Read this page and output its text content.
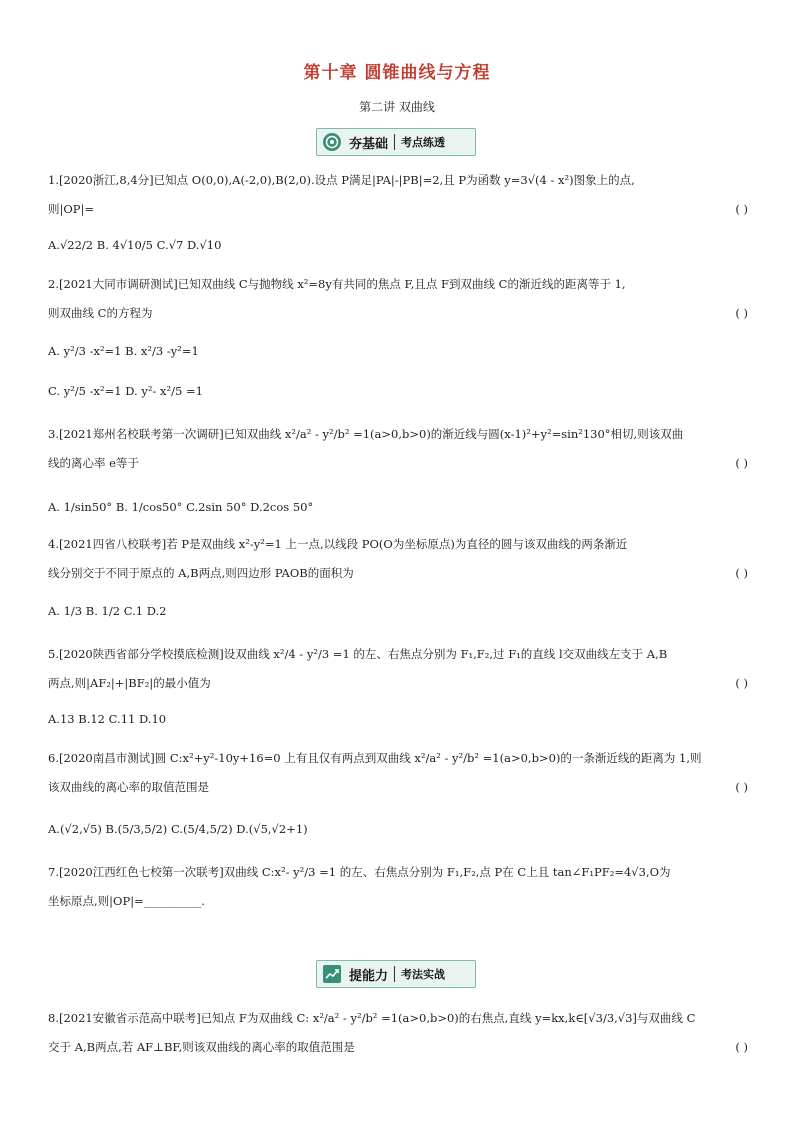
第十章 圆锥曲线与方程
第二讲 双曲线
夯基础 考点练透
1.[2020浙江,8,4分]已知点 O(0,0),A(-2,0),B(2,0).设点 P满足|PA|-|PB|=2,且 P为函数 y=3√(4 - x²)图象上的点,
则|OP|=	( )
A.√22/2 B. 4√10/5 C.√7 D.√10
2.[2021大同市调研测试]已知双曲线 C与抛物线 x²=8y有共同的焦点 F,且点 F到双曲线 C的渐近线的距离等于 1,
则双曲线 C的方程为	( )
A. y²/3 -x²=1 B. x²/3 -y²=1
C. y²/5 -x²=1 D. y²- x²/5 =1
3.[2021郑州名校联考第一次调研]已知双曲线 x²/a² - y²/b² =1(a>0,b>0)的渐近线与圆(x-1)²+y²=sin²130°相切,则该双曲
线的离心率 e等于	( )
A. 1/sin50° B. 1/cos50° C.2sin 50° D.2cos 50°
4.[2021四省八校联考]若 P是双曲线 x²-y²=1 上一点,以线段 PO(O为坐标原点)为直径的圆与该双曲线的两条渐近
线分别交于不同于原点的 A,B两点,则四边形 PAOB的面积为	( )
A. 1/3 B. 1/2 C.1 D.2
5.[2020陕西省部分学校摸底检测]设双曲线 x²/4 - y²/3 =1 的左、右焦点分别为 F₁,F₂,过 F₁的直线 l交双曲线左支于 A,B
两点,则|AF₂|+|BF₂|的最小值为	( )
A.13 B.12 C.11 D.10
6.[2020南昌市测试]圆 C:x²+y²-10y+16=0 上有且仅有两点到双曲线 x²/a² - y²/b² =1(a>0,b>0)的一条渐近线的距离为 1,则
该双曲线的离心率的取值范围是	( )
A.(√2,√5) B.(5/3,5/2) C.(5/4,5/2) D.(√5,√2+1)
7.[2020江西红色七校第一次联考]双曲线 C:x²- y²/3 =1 的左、右焦点分别为 F₁,F₂,点 P在 C上且 tan∠F₁PF₂=4√3,O为
坐标原点,则|OP|=__________.
提能力 考法实战
8.[2021安徽省示范高中联考]已知点 F为双曲线 C: x²/a² - y²/b² =1(a>0,b>0)的右焦点,直线 y=kx,k∈[√3/3,√3]与双曲线 C
交于 A,B两点,若 AF⊥BF,则该双曲线的离心率的取值范围是	( )
